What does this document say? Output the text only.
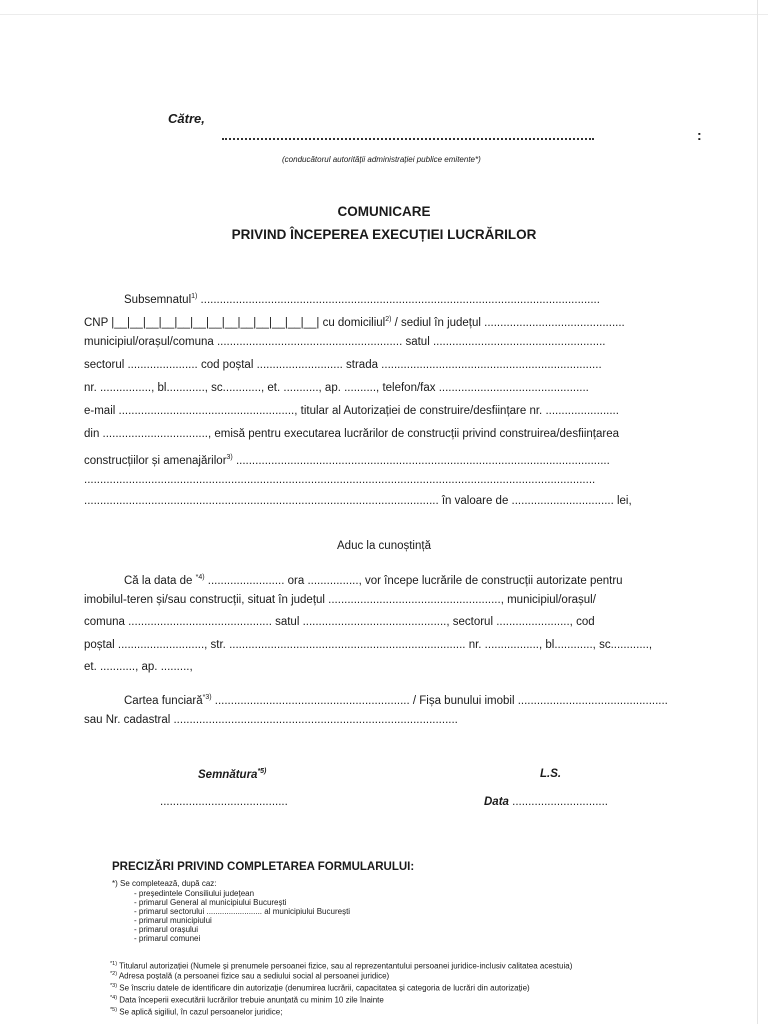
Către,
:
(conducătorul autorității administrației publice emitente*)
COMUNICARE
PRIVIND ÎNCEPEREA EXECUȚIEI LUCRĂRILOR
Subsemnatul$^{1)}$ .............................................................................................................................
CNP |__|__|__|__|__|__|__|__|__|__|__|__|__| cu domiciliul$^{2)}$ / sediul în județul ............................................
municipiul/orașul/comuna .......................................................... satul ......................................................
sectorul ...................... cod poștal ........................... strada .....................................................................
nr. ................, bl............, sc............, et. ..........., ap. .........., telefon/fax ...............................................
e-mail ......................................................., titular al Autorizației de construire/desființare nr. .......................
din ................................., emisă pentru executarea lucrărilor de construcții privind construirea/desființarea
construcțiilor și amenajărilor$^{3)}$ .....................................................................................................................
................................................................................................................................................................
............................................................................................................... în valoare de ................................ lei,
Aduc la cunoștință
Că la data de $^{*4)}$ ........................ ora ................, vor începe lucrările de construcții autorizate pentru
imobilul-teren și/sau construcții, situat în județul ......................................................, municipiul/orașul/
comuna ............................................. satul ............................................., sectorul ......................., cod
poștal ..........................., str. .......................................................................... nr. ................., bl............, sc............,
et. ..........., ap. .........,
Cartea funciară$^{*3)}$ ............................................................. / Fișa bunului imobil ...............................................
sau Nr. cadastral .........................................................................................
Semnătura$^{*5)}$	L.S.
........................................	Data ..............................
PRECIZĂRI PRIVIND COMPLETAREA FORMULARULUI:
*) Se completează, după caz:
- președintele Consiliului județean
- primarul General al municipiului București
- primarul sectorului ......................... al municipiului București
- primarul municipiului
- primarul orașului
- primarul comunei
$^{*1)}$ Titularul autorizației (Numele și prenumele persoanei fizice, sau al reprezentantului persoanei juridice-inclusiv calitatea acestuia)
$^{*2)}$ Adresa poștală (a persoanei fizice sau a sediului social al persoanei juridice)
$^{*3)}$ Se înscriu datele de identificare din autorizație (denumirea lucrării, capacitatea și categoria de lucrări din autorizație)
$^{*4)}$ Data începerii executării lucrărilor trebuie anunțată cu minim 10 zile înainte
$^{*5)}$ Se aplică sigiliul, în cazul persoanelor juridice;
